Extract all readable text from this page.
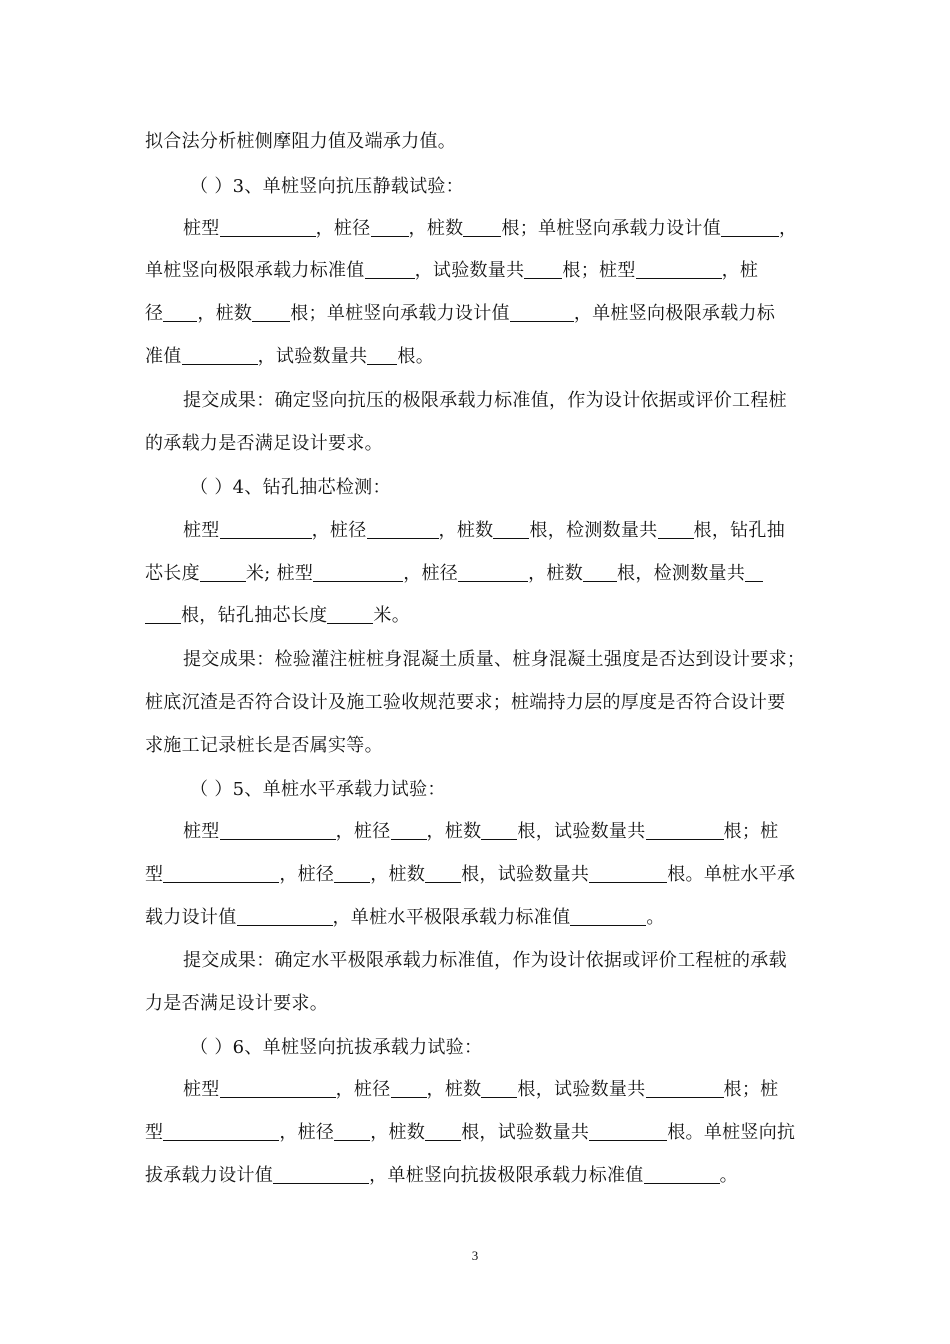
拟合法分析桩侧摩阻力值及端承力值。
（ ）3、单桩竖向抗压静载试验：
桩型	，桩径 ，桩数 根；单桩竖向承载力设计值	，
单桩竖向极限承载力标准值	，试验数量共 根；桩型	，桩
径 ，桩数 根；单桩竖向承载力设计值	，单桩竖向极限承载力标
准值	，试验数量共 根。
提交成果：确定竖向抗压的极限承载力标准值，作为设计依据或评价工程桩
的承载力是否满足设计要求。
（ ）4、钻孔抽芯检测：
桩型	，桩径	，桩数 根，检测数量共 根，钻孔抽
芯长度	米; 桩型	，桩径	，桩数 根，检测数量共
根，钻孔抽芯长度	米。
提交成果：检验灌注桩桩身混凝土质量、桩身混凝土强度是否达到设计要求；
桩底沉渣是否符合设计及施工验收规范要求；桩端持力层的厚度是否符合设计要
求施工记录桩长是否属实等。
（ ）5、单桩水平承载力试验：
桩型	，桩径 ，桩数 根，试验数量共	根；桩
型	，桩径 ，桩数 根，试验数量共	根。单桩水平承
载力设计值	，单桩水平极限承载力标准值	。
提交成果：确定水平极限承载力标准值，作为设计依据或评价工程桩的承载
力是否满足设计要求。
（ ）6、单桩竖向抗拔承载力试验：
桩型	，桩径 ，桩数 根，试验数量共	根；桩
型	，桩径 ，桩数 根，试验数量共	根。单桩竖向抗
拔承载力设计值	，单桩竖向抗拔极限承载力标准值	。
3
